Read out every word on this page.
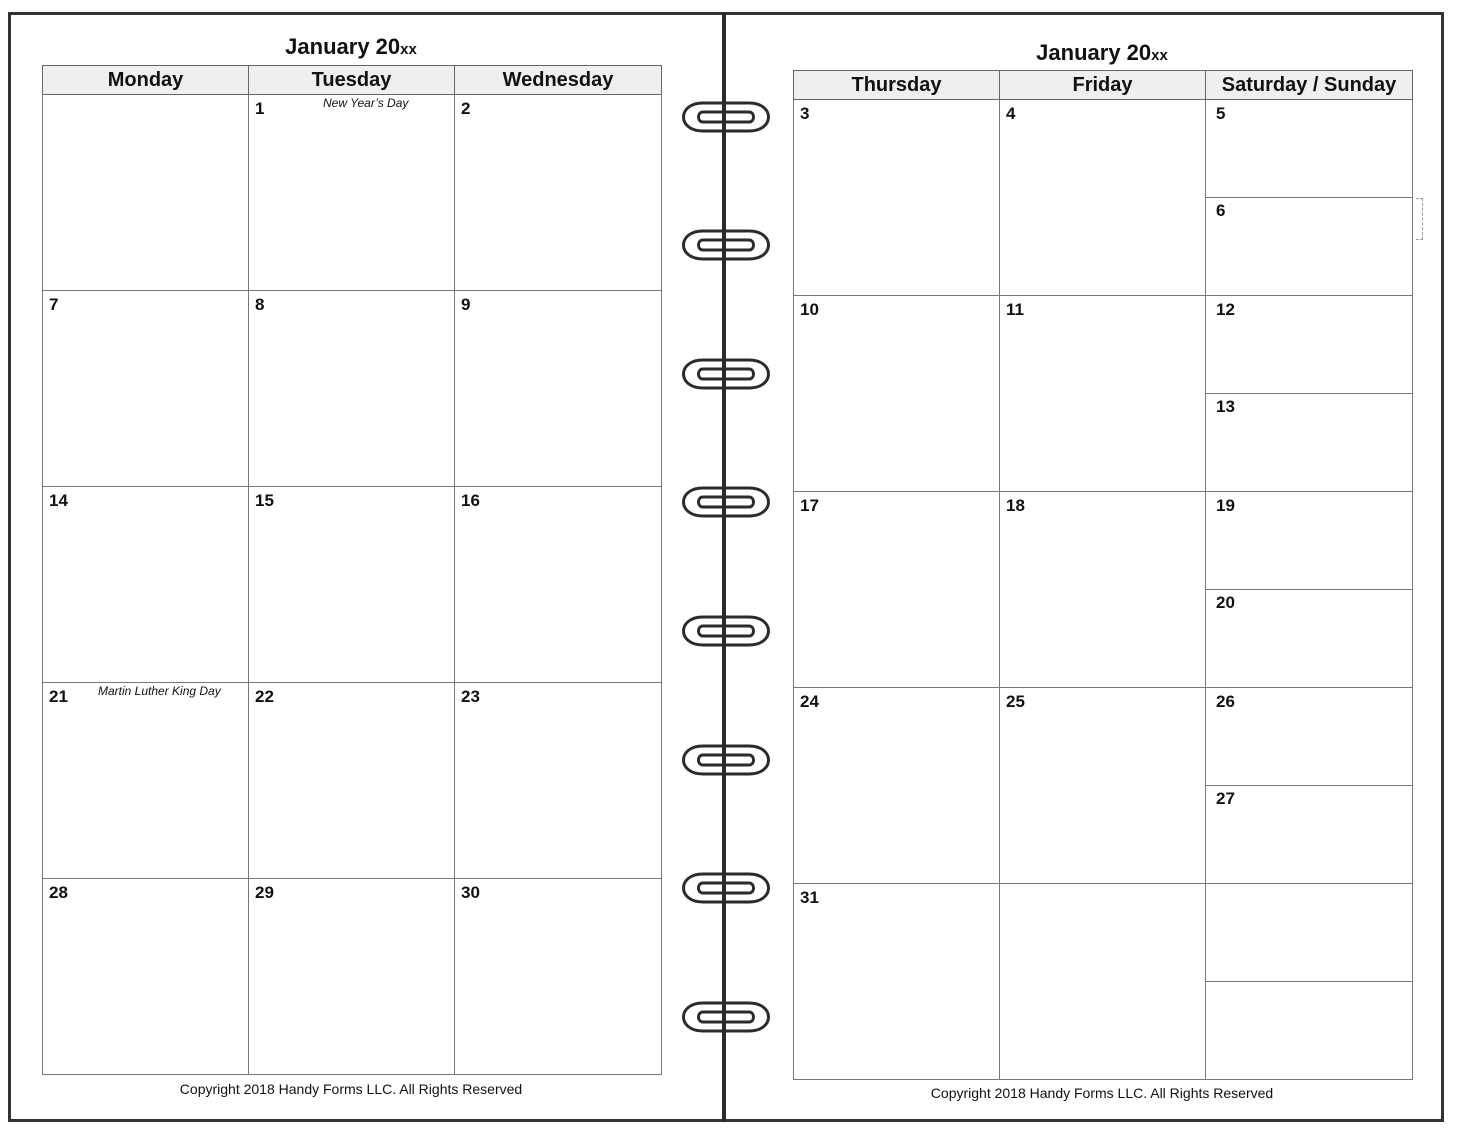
January 20xx
Monday	Tuesday	Wednesday

	1 New Year’s Day	2

7	8	9

14	15	16

21 Martin Luther King Day	22	23

28	29	30
Copyright 2018 Handy Forms LLC. All Rights Reserved
January 20xx
Thursday	Friday	Saturday / Sunday

3	4	5
6

10	11	12
13

17	18	19
20

24	25	26
27

31		

Copyright 2018 Handy Forms LLC. All Rights Reserved
